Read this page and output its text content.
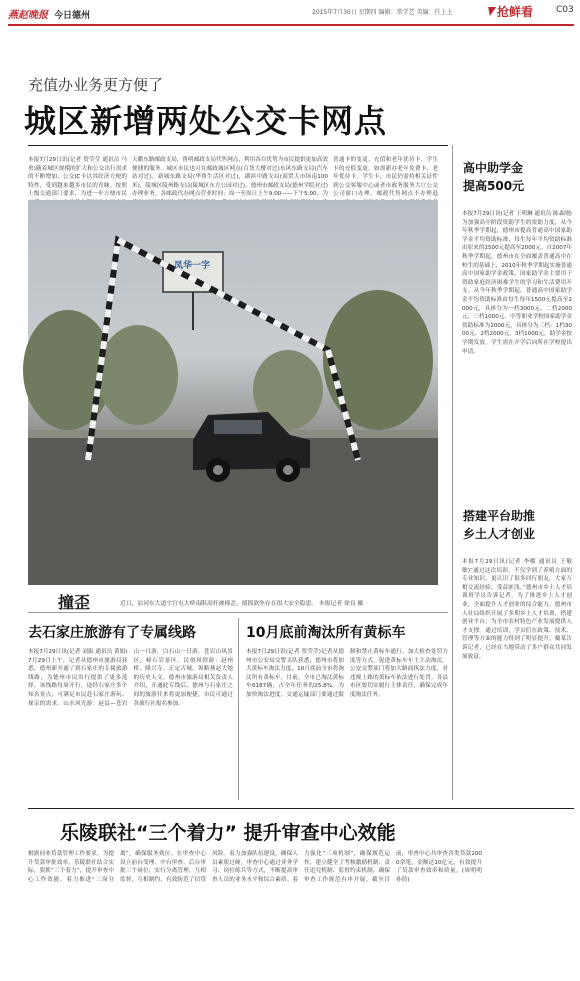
燕赵晚报 今日德州	2015年7月30日 星期四 编辑：常学艺 美编：任上上	抢鲜看	C03
充值办业务更方便了
城区新增两处公交卡网点
本报7月29日讯(记者 贺莹莹 通讯员 马勇)随着城区规模的扩大和公交出行需求的不断增加，公交IC卡以其经济方便的特性，受到越来越多市民的青睐。按照上级交通部门要求，为进一步方便市民
天衢东路邮政支局，鲁明邮政支局代售网点，利用各自优势为市民提供更加高效便捷的服务。城区市民也可在邮政城区网点(百货大楼对过)东风东路支局(汽车站对过)，新城东路支局(华鲁生活区对过)，湖滨中路支局(商贸大市场南100米)，陵城区陵州路支局(陵城区东方公园对过)，德州市邮政支局(德州学院对过)办理业务。各邮政代办网点营业时间：周一至周日上午9:00——下午5:00。为
普通卡的变更，充值和老年优待卡、学生卡的充值变更，如需新办老年免费卡、老年优待卡、学生卡，市民仍需持相关证件到公交客服中心或者市政务服务大厅公交公司窗口办理。邮政代售网点不办理退
凤华一字
撞歪	近日，凉河东大道宇官屯大桥南限高杆被撞歪，摇摇欲坠存在很大安全隐患。 本报记者 徐良 摄
高中助学金
提高500元
本报7月29日讯(记者 王明琳 通讯员 陈森刚)为加强高中阶段资助学生的资助力度，从今年秋季学期起，德州市提高普通高中国家助学金平均资助标准，每生每年平均资助标准由原来的1500元提高至2000元。自2007年秋季学期起，德州市在全面覆盖普通高中在校生的基础上，2010年秋季学期起实施普通高中国家助学金政策。国家助学金主要用于资助家庭经济困难学生的学习和生活费用开支。从今年秋季学期起，普通高中国家助学金平均资助标准由每生每年1500元提高至2000元，具体分为一档3000元、二档2000元、三档1000元。中等职业学校国家助学金资助标准为2000元，具体分为三档：1档3000元、2档2000元、3档1000元。助学金按学期发放，学生需在开学后向所在学校提出申请。
搭建平台助推
乡土人才创业
本报7月29日讯(记者 李榴 通讯员 王敬敏)“通过这次培训，不仅学到了养殖方面的专业知识，更认识了很多同行朋友，大家互相交流经验，受益匪浅。”德州市乡土人才培训班学员告诉记者。为了推进乡土人才创业，全面提升人才创业的综合能力，德州市人社局组织开展了多期乡土人才培训，搭建创业平台，为全市农村特色产业发展提供人才支撑。通过培训，学员们在政策、技术、管理等方面的能力得到了明显提升。戴某告诉记者，已经在当地带动了多户群众共同发展致富。
去石家庄旅游有了专属线路
本报7月29日讯(记者 刘振 通讯员 黄娟)7月29日上午，记者从德州市旅游局获悉，德州新开通了到石家庄的专属旅游线路，为德州市民出行提供了更多选择。该线路每周开行，途经石家庄多个知名景点，可满足市民赴石家庄游玩、探亲的需求。山水风光游：赵县—苍岩山一日游，白石山一日游，苍岩山风景区，嶂石岩景区。民俗风情游：赵州桥、隆兴寺、正定古城，领略燕赵大地的历史人文。德州市旅游局相关负责人介绍，开通此专线后，德州与石家庄之间的旅游往来将更加便捷，市民可通过各旅行社报名参加。
10月底前淘汰所有黄标车
本报7月29日讯(记者 贺莹莹)记者从德州市公安局交警支队获悉，德州市将加大黄标车淘汰力度，10月底前全市将淘汰所有黄标车。目前，全市已淘汰黄标车6187辆，占全年任务的25.8%。为加快淘汰进度，交通运输部门要通过限制和禁止黄标车通行、加大检查处罚力度等方式，促进黄标车车主主动淘汰。公安交警部门将加大路面执法力度，对违规上路的黄标车依法进行处罚。各县市区要切实履行主体责任，确保完成年度淘汰任务。
乐陵联社“三个着力” 提升审查中心效能
根据同业贷款管理工作要求，为提升贷款审批效率，乐陵联社结合实际，狠抓“三个着力”，提升审查中心工作效能。着力推进“三岗分离”，确保服务到位。在审查中心设立前台受理、中台审查、后台审批三个岗位，实行分离管理，互相监督，互相制约，有效防范了信贷风险。着力加强队伍建设，确保人员素质过硬。审查中心通过业务学习、岗位练兵等方式，不断提高审查人员的业务水平和综合素质。着力强化“三项机制”，确保规范运作，建立健全了考核激励机制、责任追究机制、监督约束机制，确保审查工作规范有序开展。截至目前，审查中心共审查各类贷款2000余笔，金额达10亿元，有效提升了贷款审查效率和质量。(周明明 孙倩)
